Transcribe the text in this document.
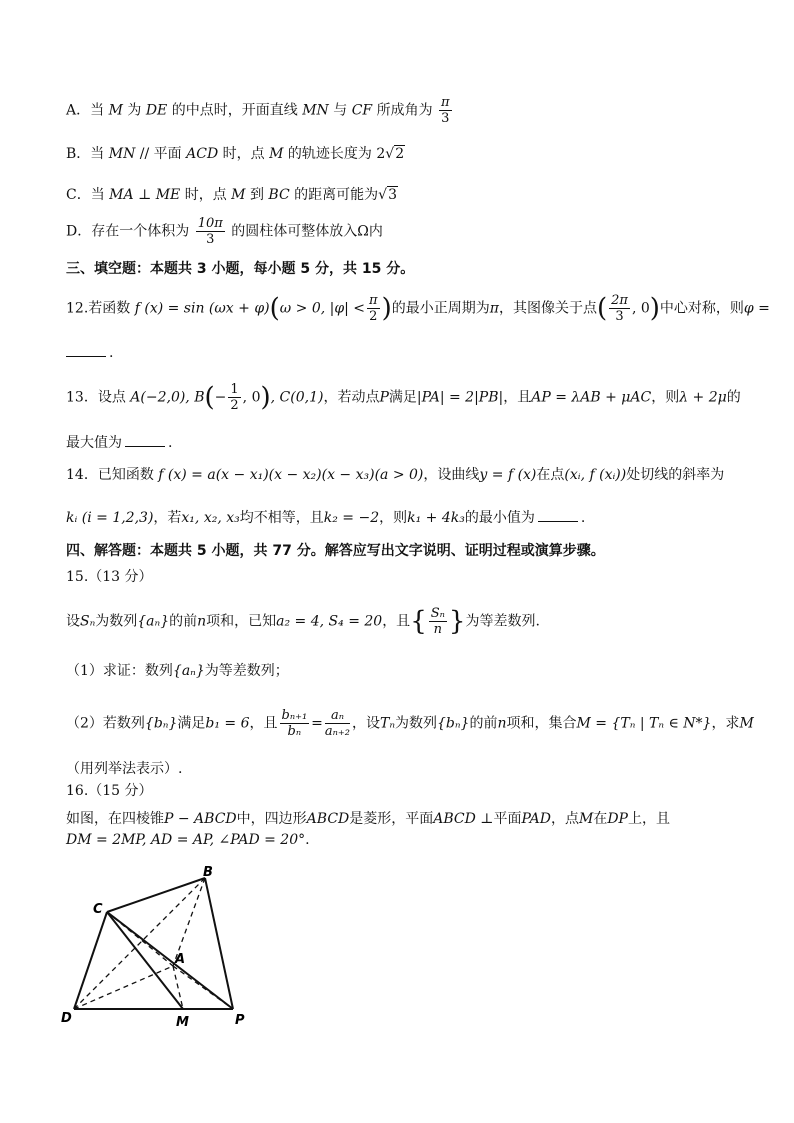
A．当 M 为 DE 的中点时，开面直线 MN 与 CF 所成角为 $\frac{\pi}{3}$
B．当 MN // 平面 ACD 时，点 M 的轨迹长度为 2√2
C．当 MA ⊥ ME 时，点 M 到 BC 的距离可能为√3
D．存在一个体积为 $\frac{10\pi}{3}$ 的圆柱体可整体放入Ω内
三、填空题：本题共 3 小题，每小题 5 分，共 15 分。
12.若函数 f (x) = sin (ωx + φ)(ω > 0, $|\varphi| < \frac{\pi}{2}$ )的最小正周期为π，其图像关于点( $\frac{2\pi}{3}$ , 0)中心对称，则φ =
.
13．设点 A(−2,0), $B(- \frac{1}{2}$ , 0), C(0,1)，若动点P满足|PA| = 2|PB|，且AP = λAB + μAC，则λ + 2μ的
最大值为	.
14．已知函数 f (x) = a(x − x₁)(x − x₂)(x − x₃)(a > 0)，设曲线y = f (x)在点(xᵢ, f (xᵢ))处切线的斜率为
kᵢ (i = 1,2,3)，若x₁, x₂, x₃均不相等，且k₂ = −2，则k₁ + 4k₃的最小值为	.
四、解答题：本题共 5 小题，共 77 分。解答应写出文字说明、证明过程或演算步骤。
15.（13 分）
设Sₙ为数列{aₙ}的前n项和，已知a₂ = 4, S₄ = 20，且{ $\frac{\text{Sₙ}}{n}$ }为等差数列.
（1）求证：数列{aₙ}为等差数列；
（2）若数列{bₙ}满足b₁ = 6，且 $\frac{\text{bₙ₊₁}}{\text{bₙ}} = \frac{\text{aₙ}}{\text{aₙ₊₂}}$ ，设Tₙ为数列{bₙ}的前n项和，集合M = {Tₙ | Tₙ ∈ N*}，求M
（用列举法表示）.
16.（15 分）
如图，在四棱锥P − ABCD中，四边形ABCD是菱形，平面ABCD ⊥平面PAD，点M在DP上，且
DM = 2MP, AD = AP, ∠PAD = 20°.
B
C
A
D	M	P
